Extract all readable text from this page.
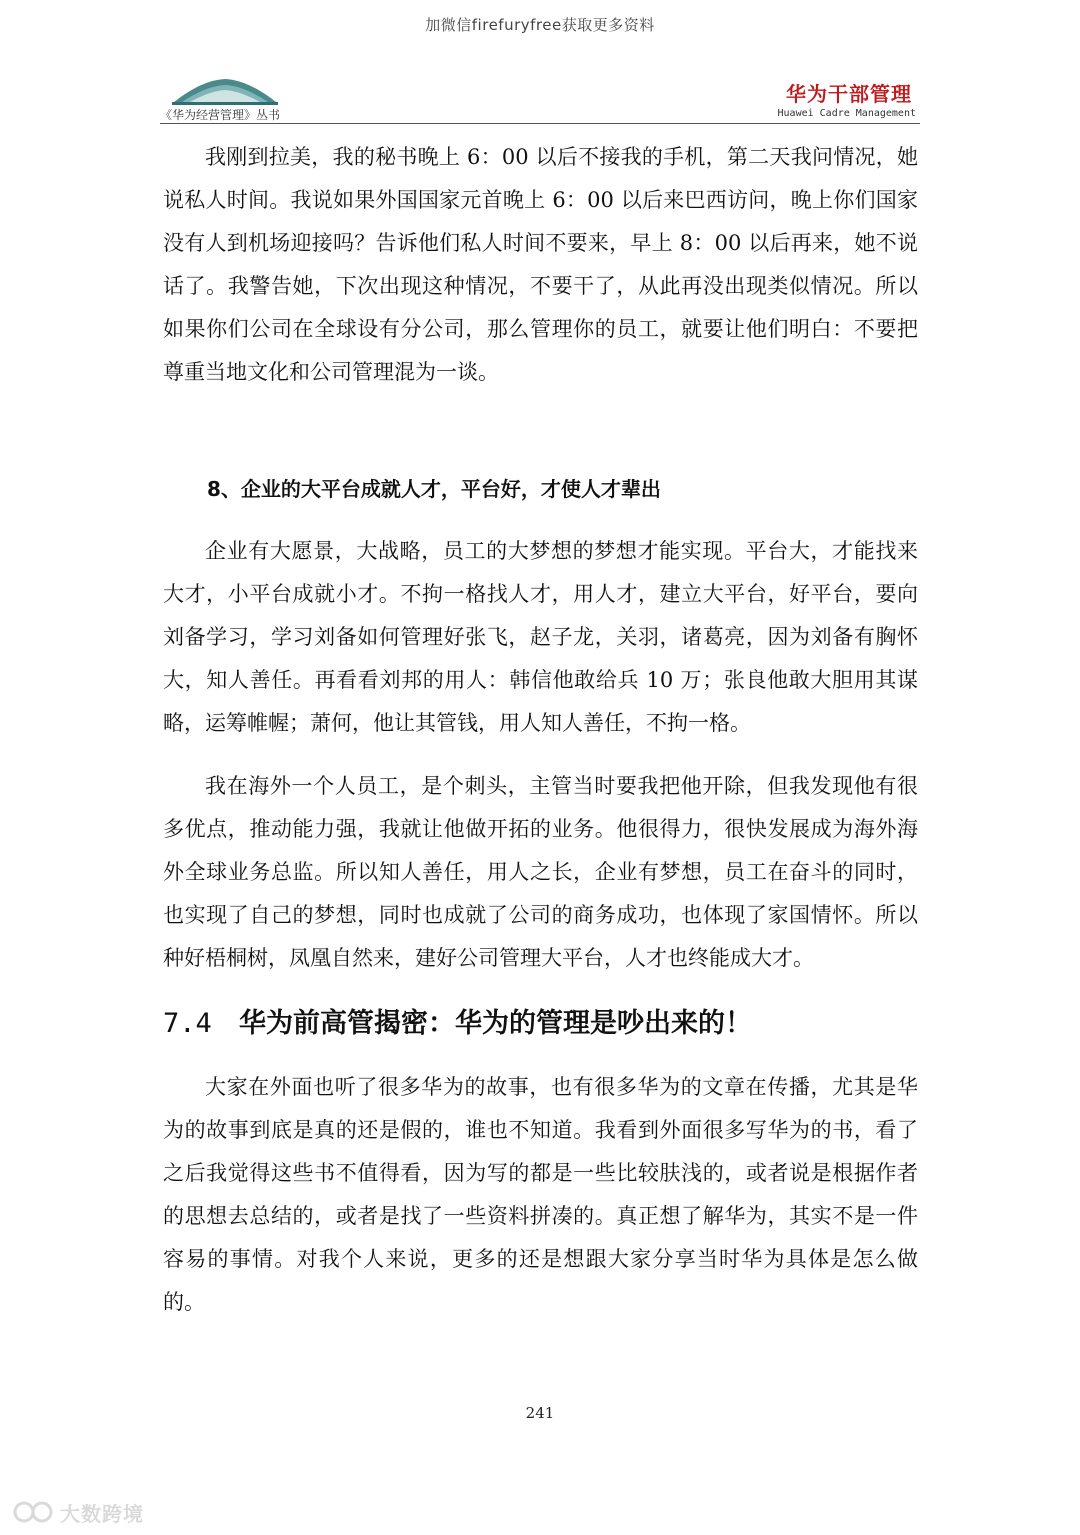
加微信firefuryfree获取更多资料
《华为经营管理》丛书
华为干部管理
Huawei Cadre Management

我刚到拉美，我的秘书晚上 6：00 以后不接我的手机，第二天我问情况，她说私人时间。我说如果外国国家元首晚上 6：00 以后来巴西访问，晚上你们国家没有人到机场迎接吗？告诉他们私人时间不要来，早上 8：00 以后再来，她不说话了。我警告她，下次出现这种情况，不要干了，从此再没出现类似情况。所以如果你们公司在全球设有分公司，那么管理你的员工，就要让他们明白：不要把尊重当地文化和公司管理混为一谈。

8、企业的大平台成就人才，平台好，才使人才辈出

企业有大愿景，大战略，员工的大梦想的梦想才能实现。平台大，才能找来大才，小平台成就小才。不拘一格找人才，用人才，建立大平台，好平台，要向刘备学习，学习刘备如何管理好张飞，赵子龙，关羽，诸葛亮，因为刘备有胸怀大，知人善任。再看看刘邦的用人：韩信他敢给兵 10 万；张良他敢大胆用其谋略，运筹帷幄；萧何，他让其管钱，用人知人善任，不拘一格。

我在海外一个人员工，是个刺头，主管当时要我把他开除，但我发现他有很多优点，推动能力强，我就让他做开拓的业务。他很得力，很快发展成为海外海外全球业务总监。所以知人善任，用人之长，企业有梦想，员工在奋斗的同时，也实现了自己的梦想，同时也成就了公司的商务成功，也体现了家国情怀。所以种好梧桐树，凤凰自然来，建好公司管理大平台，人才也终能成大才。

7.4	华为前高管揭密：华为的管理是吵出来的！

大家在外面也听了很多华为的故事，也有很多华为的文章在传播，尤其是华为的故事到底是真的还是假的，谁也不知道。我看到外面很多写华为的书，看了之后我觉得这些书不值得看，因为写的都是一些比较肤浅的，或者说是根据作者的思想去总结的，或者是找了一些资料拼凑的。真正想了解华为，其实不是一件容易的事情。对我个人来说，更多的还是想跟大家分享当时华为具体是怎么做的。

241
大数跨境
